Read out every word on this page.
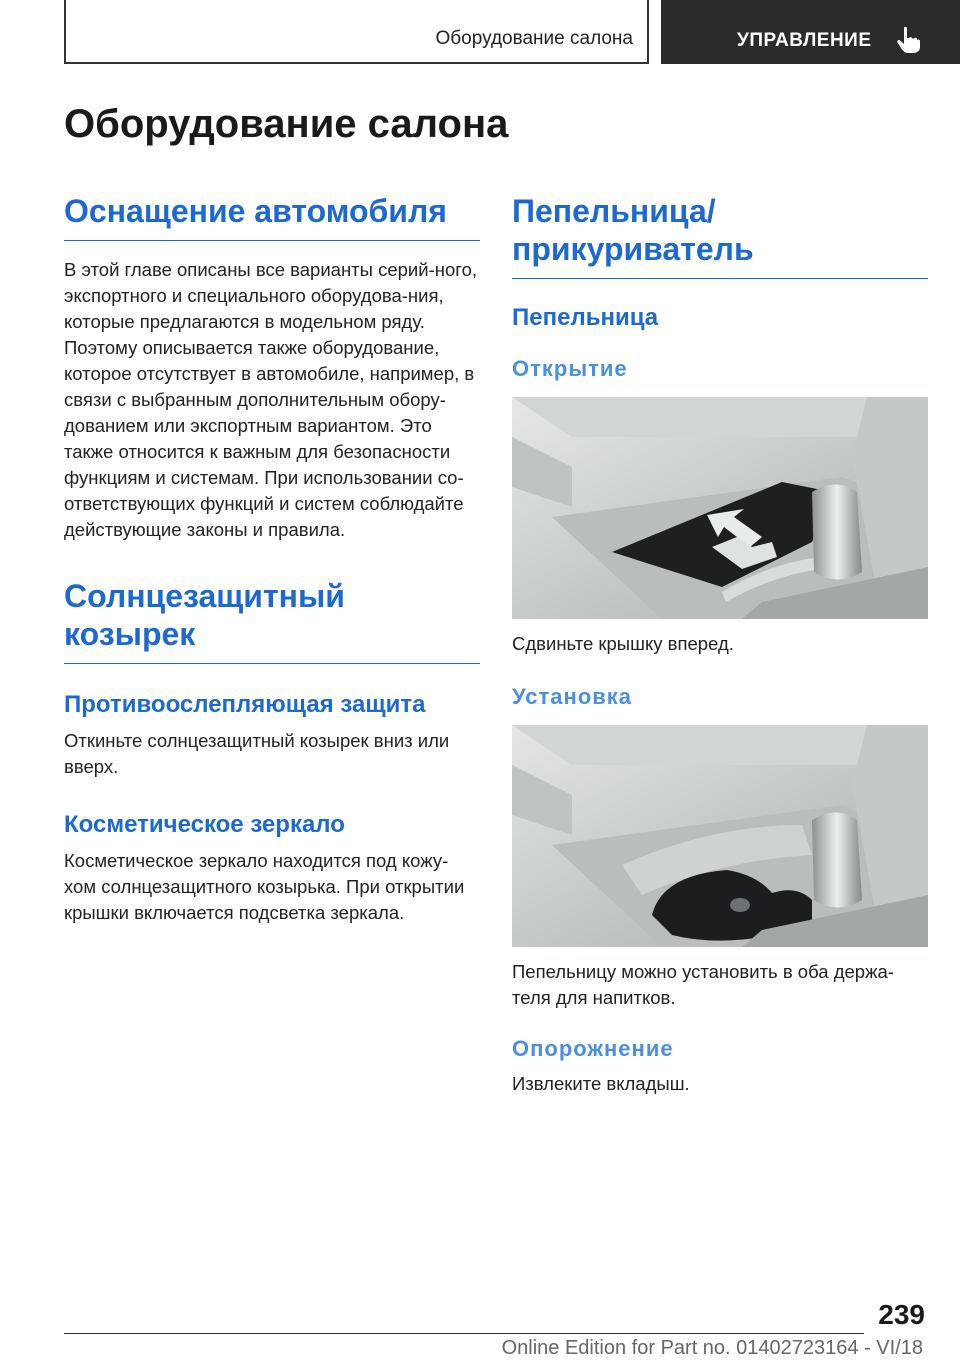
Оборудование салона	УПРАВЛЕНИЕ
Оборудование салона
Оснащение автомобиля

В этой главе описаны все варианты серий-ного, экспортного и специального оборудова-ния, которые предлагаются в модельном ряду. Поэтому описывается также оборудование, которое отсутствует в автомобиле, например, в связи с выбранным дополнительным обору-дованием или экспортным вариантом. Это также относится к важным для безопасности функциям и системам. При использовании со-ответствующих функций и систем соблюдайте действующие законы и правила.

Солнцезащитный козырек
Противоослепляющая защита

Откиньте солнцезащитный козырек вниз или вверх.

Косметическое зеркало

Косметическое зеркало находится под кожу-хом солнцезащитного козырька. При открытии крышки включается подсветка зеркала.

Пепельница/прикуриватель
Пепельница
Открытие

Сдвиньте крышку вперед.

Установка

Пепельницу можно установить в оба держа-теля для напитков.

Опорожнение

Извлеките вкладыш.

239
Online Edition for Part no. 01402723164 - VI/18
